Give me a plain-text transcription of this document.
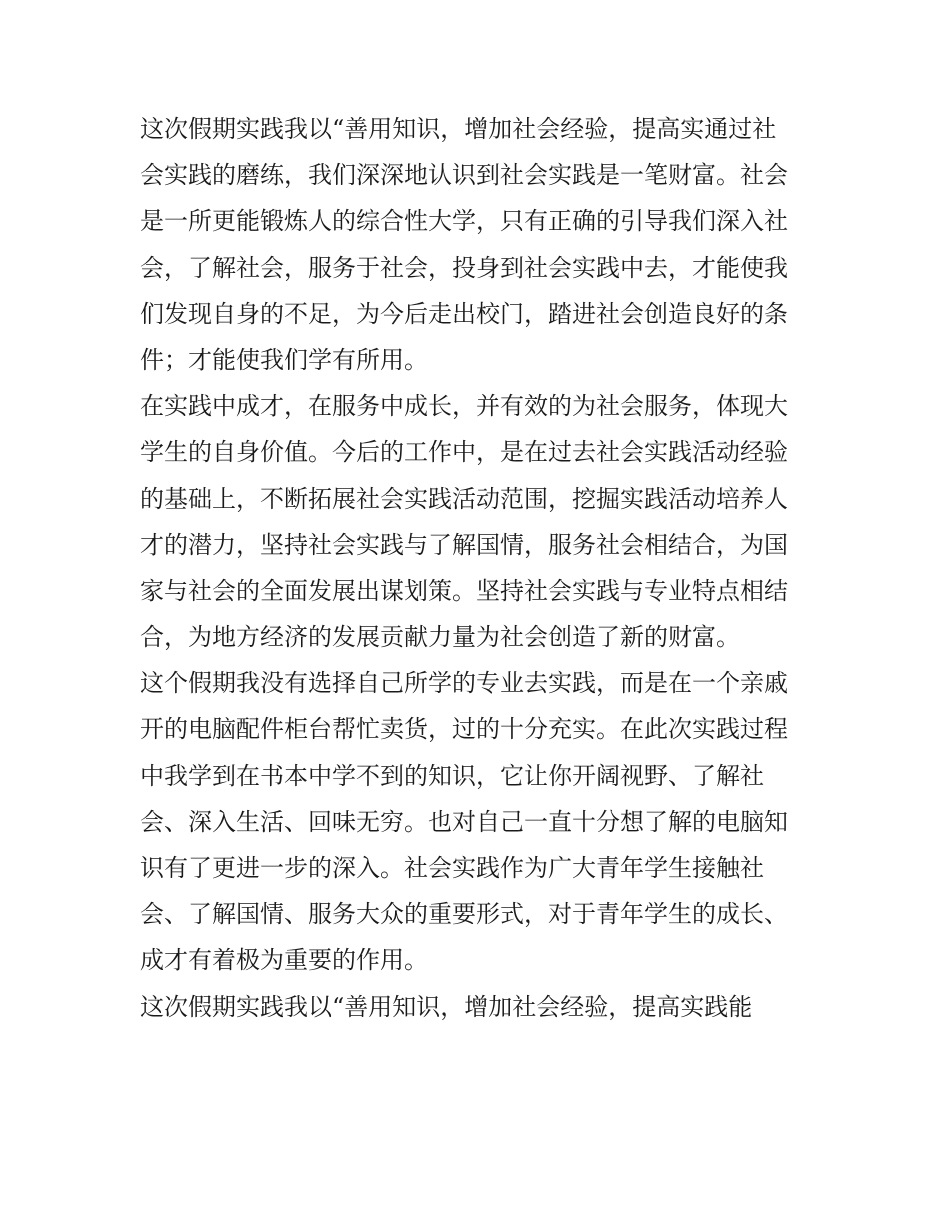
这次假期实践我以“善用知识，增加社会经验，提高实通过社
会实践的磨练，我们深深地认识到社会实践是一笔财富。社会
是一所更能锻炼人的综合性大学，只有正确的引导我们深入社
会，了解社会，服务于社会，投身到社会实践中去，才能使我
们发现自身的不足，为今后走出校门，踏进社会创造良好的条
件；才能使我们学有所用。
在实践中成才，在服务中成长，并有效的为社会服务，体现大
学生的自身价值。今后的工作中，是在过去社会实践活动经验
的基础上，不断拓展社会实践活动范围，挖掘实践活动培养人
才的潜力，坚持社会实践与了解国情，服务社会相结合，为国
家与社会的全面发展出谋划策。坚持社会实践与专业特点相结
合，为地方经济的发展贡献力量为社会创造了新的财富。
这个假期我没有选择自己所学的专业去实践，而是在一个亲戚
开的电脑配件柜台帮忙卖货，过的十分充实。在此次实践过程
中我学到在书本中学不到的知识，它让你开阔视野、了解社
会、深入生活、回味无穷。也对自己一直十分想了解的电脑知
识有了更进一步的深入。社会实践作为广大青年学生接触社
会、了解国情、服务大众的重要形式，对于青年学生的成长、
成才有着极为重要的作用。
这次假期实践我以“善用知识，增加社会经验，提高实践能
